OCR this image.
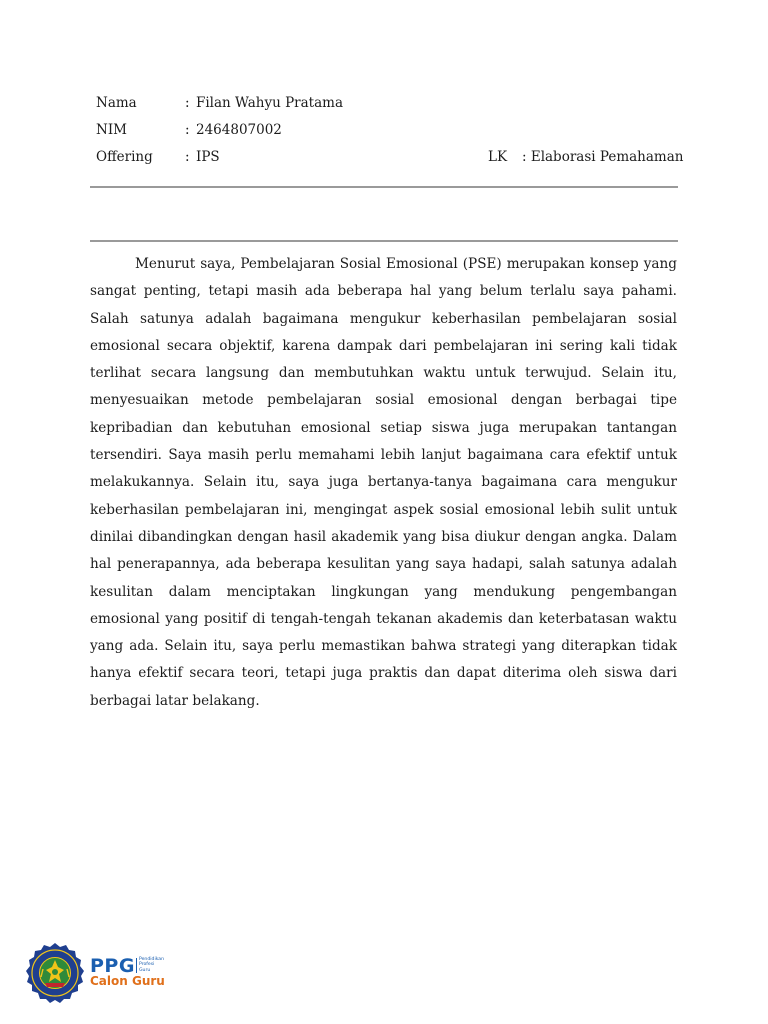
Nama	: Filan Wahyu Pratama
NIM	: 2464807002
Offering : IPS	LK : Elaborasi Pemahaman

Menurut saya, Pembelajaran Sosial Emosional (PSE) merupakan konsep yang sangat penting, tetapi masih ada beberapa hal yang belum terlalu saya pahami. Salah satunya adalah bagaimana mengukur keberhasilan pembelajaran sosial emosional secara objektif, karena dampak dari pembelajaran ini sering kali tidak terlihat secara langsung dan membutuhkan waktu untuk terwujud. Selain itu, menyesuaikan metode pembelajaran sosial emosional dengan berbagai tipe kepribadian dan kebutuhan emosional setiap siswa juga merupakan tantangan tersendiri. Saya masih perlu memahami lebih lanjut bagaimana cara efektif untuk melakukannya. Selain itu, saya juga bertanya-tanya bagaimana cara mengukur keberhasilan pembelajaran ini, mengingat aspek sosial emosional lebih sulit untuk dinilai dibandingkan dengan hasil akademik yang bisa diukur dengan angka. Dalam hal penerapannya, ada beberapa kesulitan yang saya hadapi, salah satunya adalah kesulitan dalam menciptakan lingkungan yang mendukung pengembangan emosional yang positif di tengah-tengah tekanan akademis dan keterbatasan waktu yang ada. Selain itu, saya perlu memastikan bahwa strategi yang diterapkan tidak hanya efektif secara teori, tetapi juga praktis dan dapat diterima oleh siswa dari berbagai latar belakang.

PPG Pendidikan
Profesi
Guru
Calon Guru
